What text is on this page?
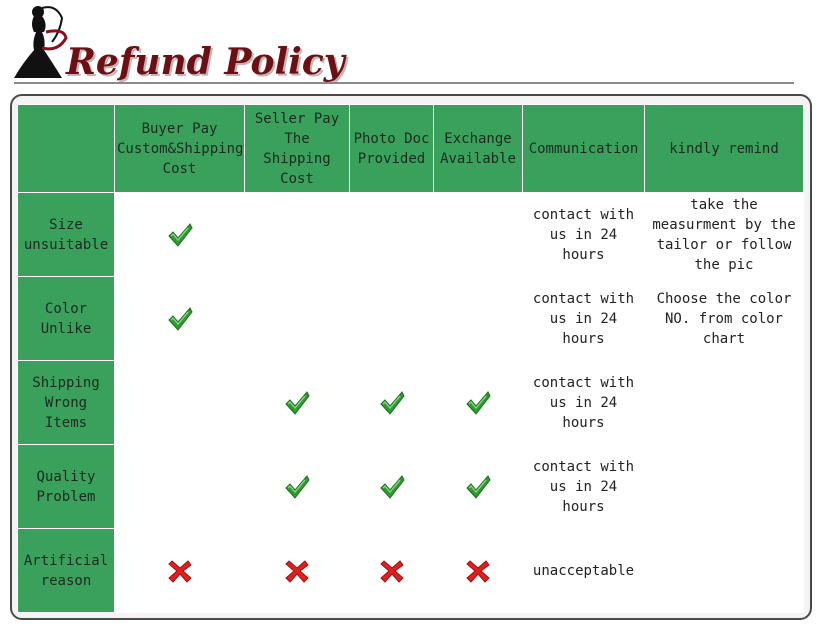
Refund Policy
	Buyer Pay Custom&Shipping Cost	Seller Pay The Shipping Cost	Photo Doc Provided	Exchange Available	Communication	kindly remind
Size unsuitable					contact with us in 24 hours	take the measurment by the tailor or follow the pic
Color Unlike					contact with us in 24 hours	Choose the color NO. from color chart
Shipping Wrong Items					contact with us in 24 hours	
Quality Problem					contact with us in 24 hours	
Artificial reason					unacceptable	
